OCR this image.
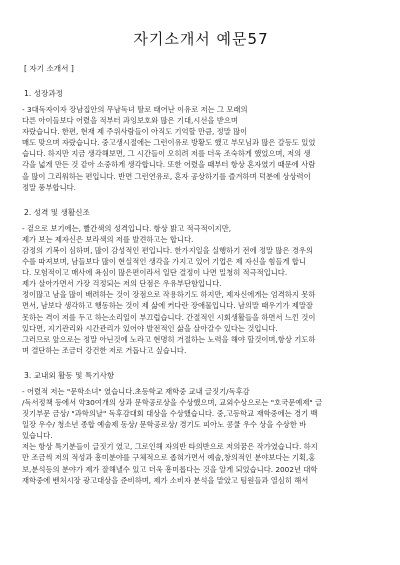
자기소개서 예문57
[ 자기 소개서 ]
1. 성장과정

- 3대독자이자 장남집안의 무남독녀 딸로 태어난 이유로 저는 그 모래의

다른 아이들보다 어렸을 적부터 과잉보호와 많은 기대,시선을 받으며

자랐습니다. 한편, 현재 제 주위사람들이 아직도 기억할 만큼, 정말 많이

매도 맞으며 자랐습니다. 중고생시절에는 그런이유로 방황도 했고 부모님과 많은 갈등도 있었

습니다. 하지만 지금 생각해보면, 그 시간들이 오히려 저를 더욱 조숙하게 했었으며, 저의 생

각을 넓게 만든 것 같아 소중하게 생각합니다. 또한 어렸을 때부터 항상 혼자였기 때문에 사람

을 많이 그리워하는 편입니다. 반면 그런연유로, 혼자 공상하기를 즐겨하며 덕분에 상상력이

정말 풍부합니다.

2. 성격 및 생활신조

- 겉으로 보기에는, 빨간색의 성격입니다. 항상 밝고 적극적이지만,

제가 보는 제자신은 보라색의 저를 발견하고는 합니다.

감정의 기복이 심하며, 많이 감성적인 편입니다. 한가지일을 실행하기 전에 정말 많은 경우의

수를 따져보며, 남들보다 많이 현실적인 생각을 가지고 있어 기업은 제 자신을 힘들게 합니

다. 모험적이고 매사에 욕심이 많은편이라서 일단 결정이 나면 밀청히 적극적입니다.

제가 살아가면서 가장 걱정되는 저의 단점은 우유부단함입니다.

정이많고 남을 많이 배려하는 것이 장점으로 작용하기도 하지만, 제자신에게는 엄격하지 못하

면서, 남보다 생각하고 행동하는 것이 제 삶에 커다란 장애물입니다. 남의말 때우기가 제말잘

못하는 격이 저를 두고 하는소리일이 부끄럽습니다. 간절적인 시회생활들을 하면서 느낀 것이

있다면, 지기관리와 시간관리가 있어야 발전적인 삶을 살아갈수 있다는 것입니다.

그러므로 앞으로는 정말 아닌것에 노라고 현명히 거절하는 노력을 해야 할것이며,항상 기도하

며 결단하는 조금더 강건한 저로 거듭나고 싶습니다.

3. 교내외 활동 및 특기사항

- 어렸적 저는 "문학소녀" 였습니다.초등학교 재학중 교내 글짓기/독후감

/독서정책 등에서 약30여개의 상과 문학공로상을 수상했으며, 교외수상으로는 "호국문예제" 글

짓기부문 금상/ "과학의날" 독후감대회 대상을 수상했습니다. 중,고등학교 재학중에는 경기 백

일장 우수/ 청소년 종합 예술제 동상/ 문학공로상/ 경기도 피아노 콩쿨 우수 상을 수상한 바

있습니다.

저는 항상 특기분들이 글짓기 였고, 그로인해 자의반 타의반으로 저의꿈은 작가였습니다. 하지

만 조금씩 저의 적성과 흥미분야를 구체적으로 좁혀가면서 예술,창의적인 분야보다는 기획,홍

보,분석등의 분야가 제가 잘해낼수 있고 더욱 흥미롭다는 것을 알게 되었습니다. 2002년 대학

재학중에 벤처시장 광고대상을 준비하며, 제가 소비자 분석을 맡았고 팀원들과 열심히 해서
